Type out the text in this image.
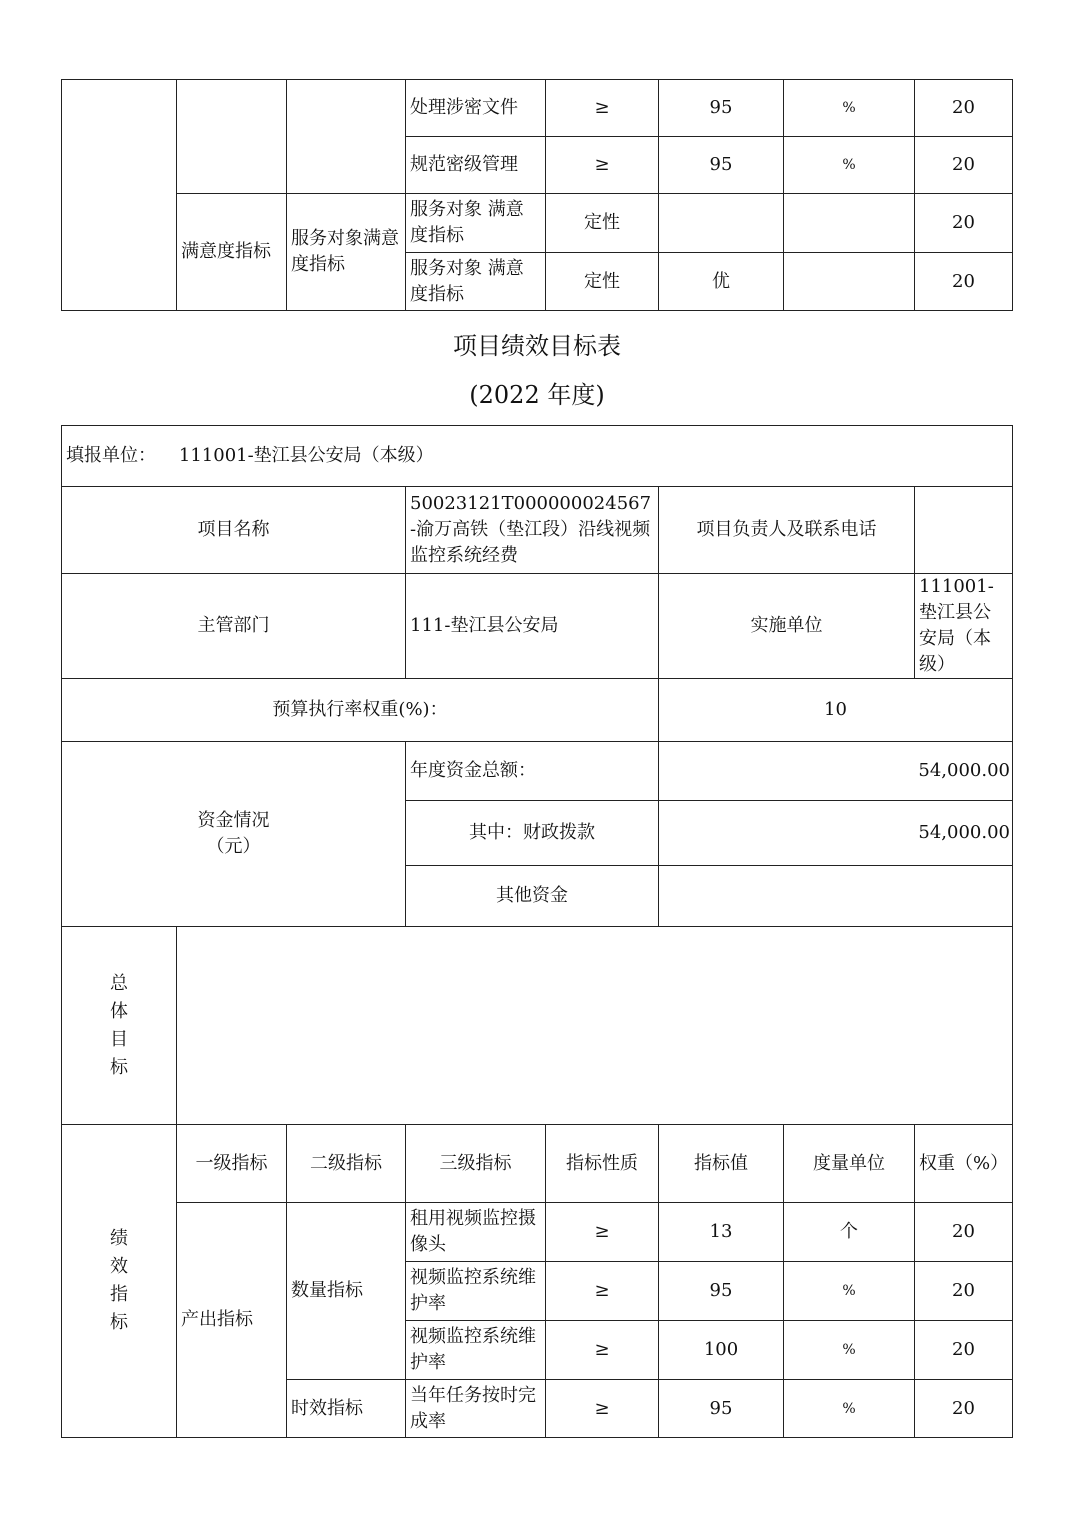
			处理涉密文件	≥	95	%	20
			规范密级管理	≥	95	%	20
	满意度指标	服务对象满意度指标	服务对象 满意度指标	定性			20
			服务对象 满意度指标	定性	优		20
项目绩效目标表
(2022 年度)
填报单位： 111001-垫江县公安局（本级）							
项目名称			50023121T000000024567-渝万高铁（垫江段）沿线视频监控系统经费		项目负责人及联系电话		
主管部门			111-垫江县公安局		实施单位		111001-垫江县公安局（本级）
预算执行率权重(%)：					10		
资金情况（元）			年度资金总额：		54,000.00		
			其中：财政拨款		54,000.00		
			其他资金				

总
体
目
标							

绩
效
指
标	一级指标	二级指标	三级指标	指标性质	指标值	度量单位	权重（%）
	产出指标	数量指标	租用视频监控摄像头	≥	13	个	20
			视频监控系统维护率	≥	95	%	20
			视频监控系统维护率	≥	100	%	20
		时效指标	当年任务按时完成率	≥	95	%	20
